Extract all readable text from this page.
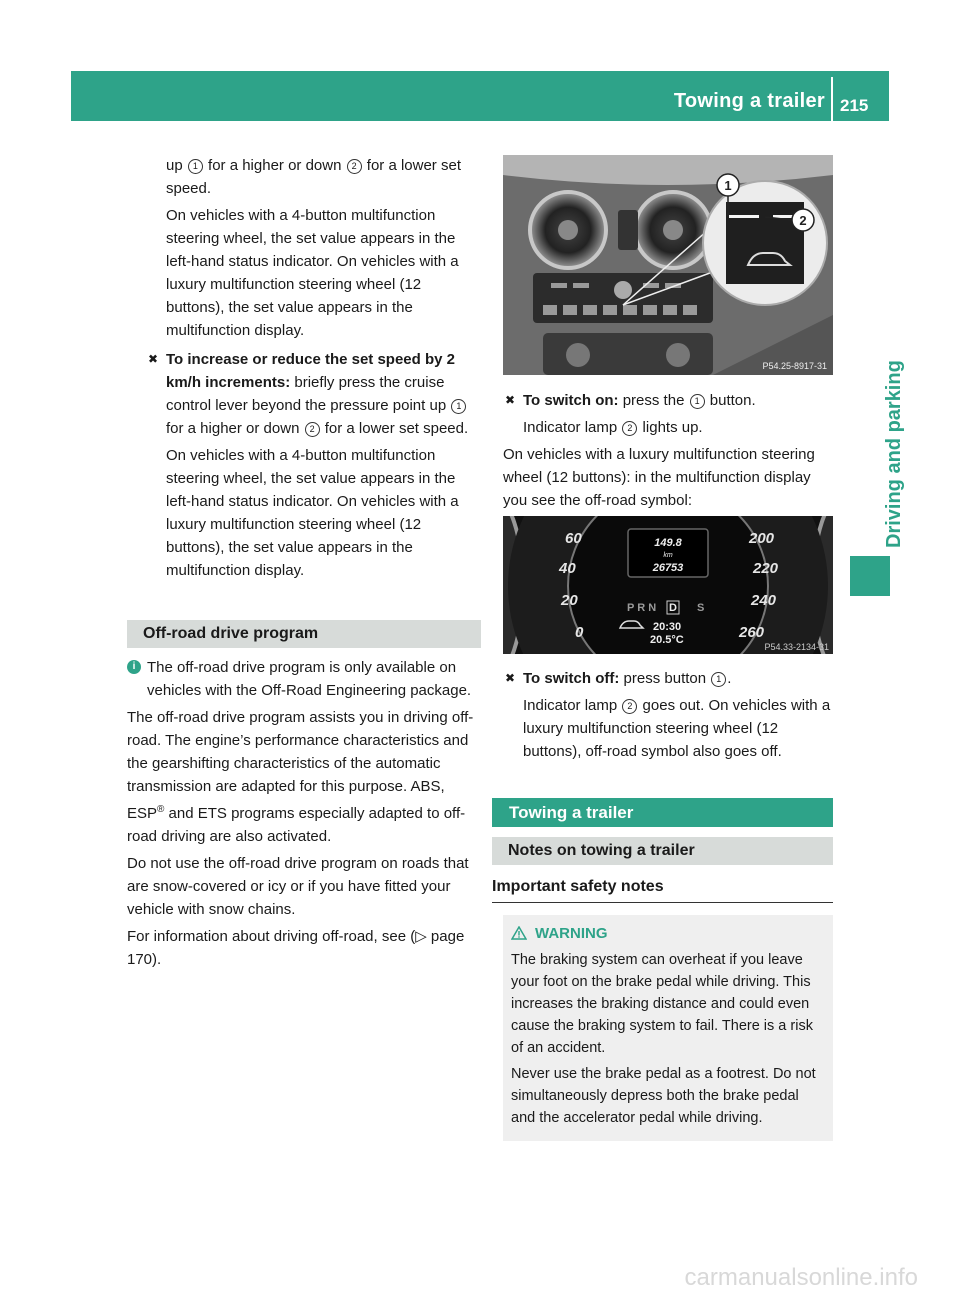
Towing a trailer 215
Driving and parking

up 1 for a higher or down 2 for a lower set speed.

On vehicles with a 4-button multifunction steering wheel, the set value appears in the left-hand status indicator. On vehicles with a luxury multifunction steering wheel (12 buttons), the set value appears in the multifunction display.

✖ To increase or reduce the set speed by 2 km/h increments: briefly press the cruise control lever beyond the pressure point up 1 for a higher or down 2 for a lower set speed.

On vehicles with a 4-button multifunction steering wheel, the set value appears in the left-hand status indicator. On vehicles with a luxury multifunction steering wheel (12 buttons), the set value appears in the multifunction display.

Off-road drive program
i The off-road drive program is only available on vehicles with the Off-Road Engineering package.

The off-road drive program assists you in driving off-road. The engine’s performance characteristics and the gearshifting characteristics of the automatic transmission are adapted for this purpose. ABS, ESP® and ETS programs especially adapted to off-road driving are also activated.

Do not use the off-road drive program on roads that are snow-covered or icy or if you have fitted your vehicle with snow chains.

For information about driving off-road, see (▷ page 170).

1
2
P54.25-8917-31
✖ To switch on: press the 1 button.

Indicator lamp 2 lights up.

On vehicles with a luxury multifunction steering wheel (12 buttons): in the multifunction display you see the off-road symbol:

60
40
20
0
200
220
240
260
149.8
km
26753
P R N D S
20:30
20.5°C
P54.33-2134-31
✖ To switch off: press button 1 .

Indicator lamp 2 goes out. On vehicles with a luxury multifunction steering wheel (12 buttons), off-road symbol also goes off.

Towing a trailer
Notes on towing a trailer
Important safety notes
WARNING

The braking system can overheat if you leave your foot on the brake pedal while driving. This increases the braking distance and could even cause the braking system to fail. There is a risk of an accident.

Never use the brake pedal as a footrest. Do not simultaneously depress both the brake pedal and the accelerator pedal while driving.

carmanualsonline.info
